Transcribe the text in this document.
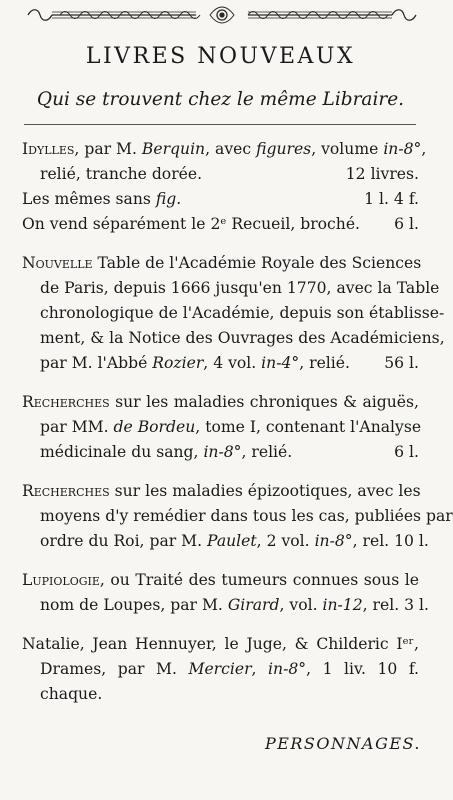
LIVRES NOUVEAUX
Qui se trouvent chez le même Libraire.
Idylles, par M. Berquin, avec figures, volume in-8°,
relié, tranche dorée.	12 livres.
Les mêmes sans fig.	1 l. 4 f.
On vend séparément le 2ᵉ Recueil, broché. 6 l.
Nouvelle Table de l'Académie Royale des Sciences
de Paris, depuis 1666 jusqu'en 1770, avec la Table
chronologique de l'Académie, depuis son établisse-
ment, & la Notice des Ouvrages des Académiciens,
par M. l'Abbé Rozier, 4 vol. in-4°, relié. 56 l.
Recherches sur les maladies chroniques & aiguës,
par MM. de Bordeu, tome I, contenant l'Analyse
médicinale du sang, in-8°, relié.	6 l.
Recherches sur les maladies épizootiques, avec les
moyens d'y remédier dans tous les cas, publiées par
ordre du Roi, par M. Paulet, 2 vol. in-8°, rel. 10 l.
Lupiologie, ou Traité des tumeurs connues sous le
nom de Loupes, par M. Girard, vol. in-12, rel. 3 l.
Natalie, Jean Hennuyer, le Juge, & Childeric Iᵉʳ,
Drames, par M. Mercier, in-8°, 1 liv. 10 f.
chaque.
PERSONNAGES.
